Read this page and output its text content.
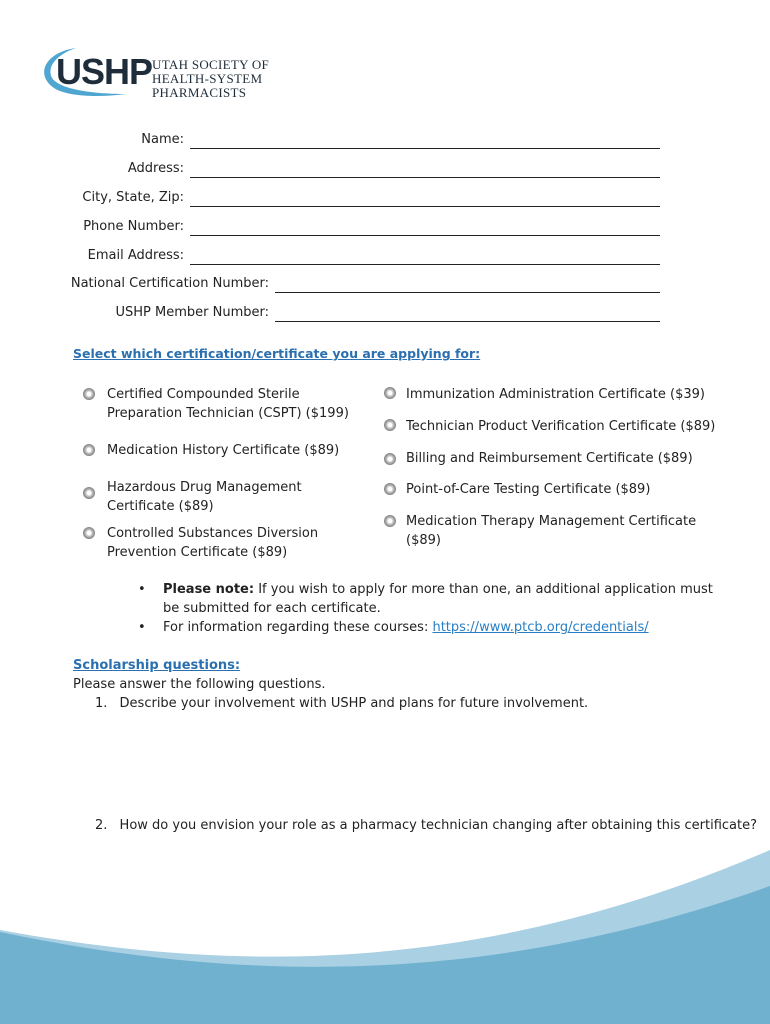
USHP UTAH SOCIETY OF
HEALTH-SYSTEM PHARMACISTS
Name:
Address:
City, State, Zip:
Phone Number:
Email Address:
National Certification Number:
USHP Member Number:
Select which certification/certificate you are applying for:
Certified Compounded Sterile Preparation Technician (CSPT) ($199)
Medication History Certificate ($89)
Hazardous Drug Management Certificate ($89)
Controlled Substances Diversion Prevention Certificate ($89)
Immunization Administration Certificate ($39)
Technician Product Verification Certificate ($89)
Billing and Reimbursement Certificate ($89)
Point-of-Care Testing Certificate ($89)
Medication Therapy Management Certificate ($89)
• Please note: If you wish to apply for more than one, an additional application must be submitted for each certificate.
• For information regarding these courses: https://www.ptcb.org/credentials/
Scholarship questions:
Please answer the following questions.
1. Describe your involvement with USHP and plans for future involvement.
2. How do you envision your role as a pharmacy technician changing after obtaining this certificate?
